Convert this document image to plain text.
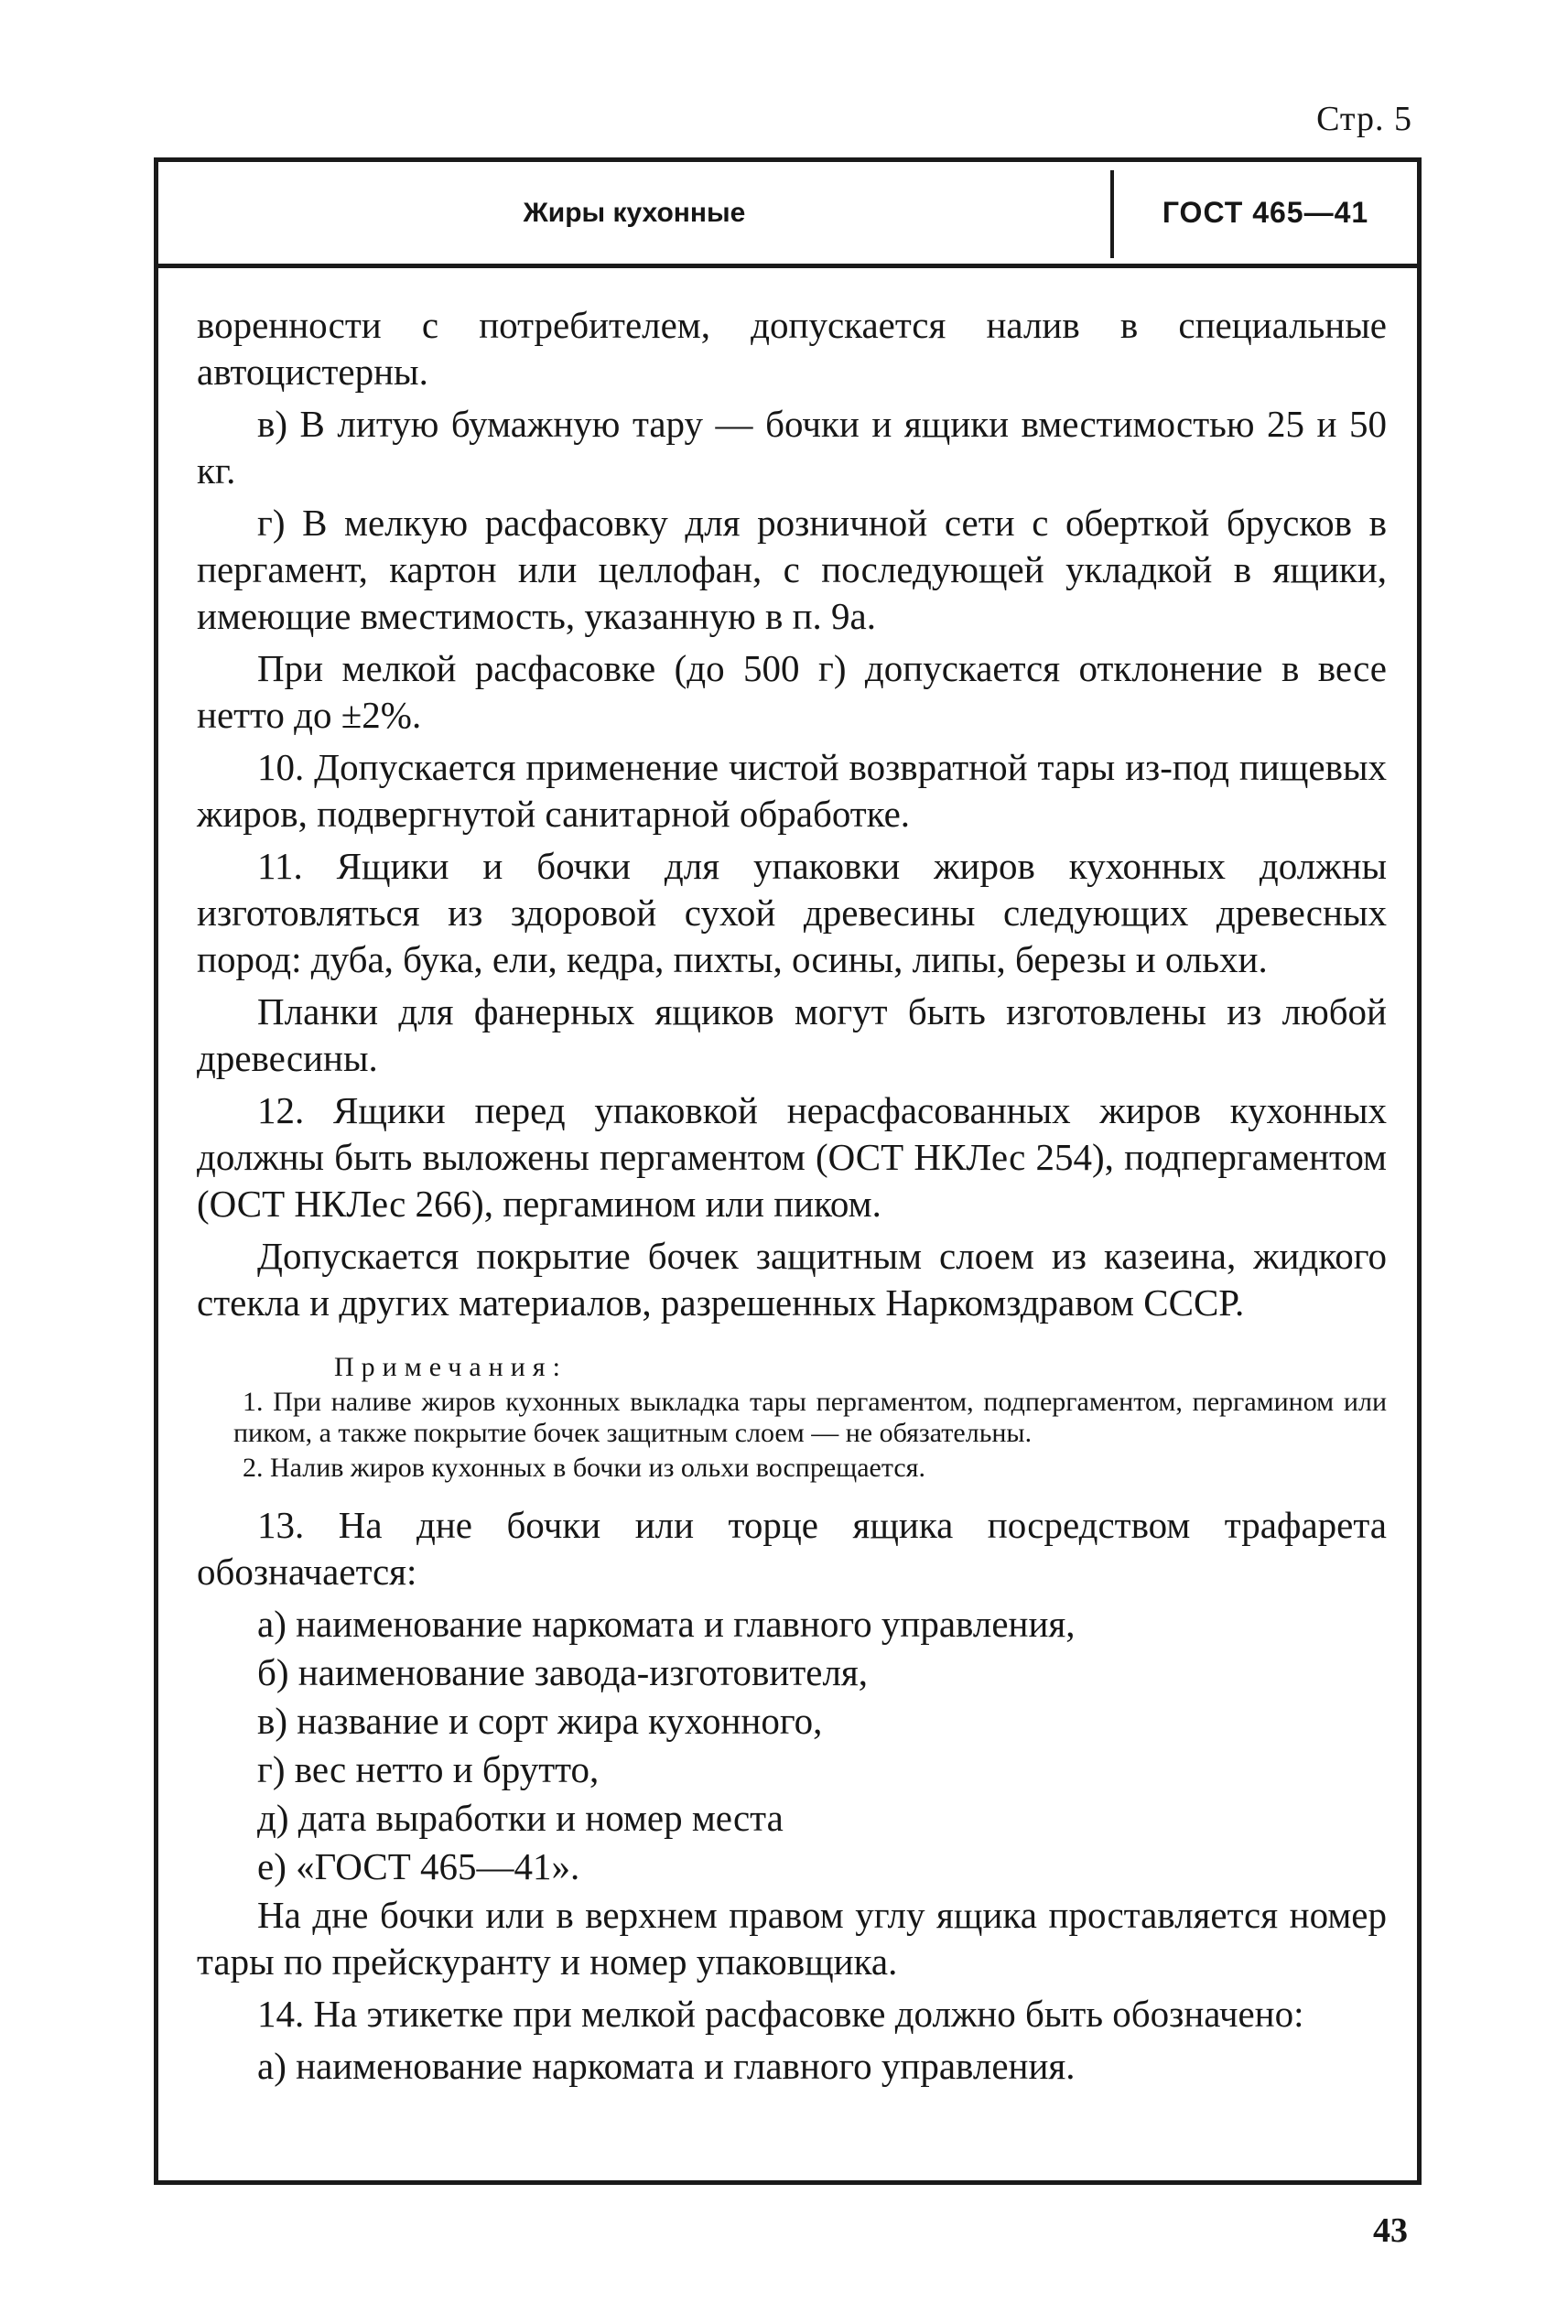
Стр. 5
Жиры кухонные	ГОСТ 465—41

воренности с потребителем, допускается налив в специальные автоцистерны.

в) В литую бумажную тару — бочки и ящики вместимостью 25 и 50 кг.

г) В мелкую расфасовку для розничной сети с оберткой брусков в пергамент, картон или целлофан, с последующей укладкой в ящики, имеющие вместимость, указанную в п. 9а.

При мелкой расфасовке (до 500 г) допускается отклонение в весе нетто до ±2%.

10. Допускается применение чистой возвратной тары из-под пищевых жиров, подвергнутой санитарной обработке.

11. Ящики и бочки для упаковки жиров кухонных должны изготовляться из здоровой сухой древесины следующих древесных пород: дуба, бука, ели, кедра, пихты, осины, липы, березы и ольхи.

Планки для фанерных ящиков могут быть изготовлены из любой древесины.

12. Ящики перед упаковкой нерасфасованных жиров кухонных должны быть выложены пергаментом (ОСТ НКЛес 254), подпергаментом (ОСТ НКЛес 266), пергамином или пиком.

Допускается покрытие бочек защитным слоем из казеина, жидкого стекла и других материалов, разрешенных Наркомздравом СССР.

Примечания:

1. При наливе жиров кухонных выкладка тары пергаментом, подпергаментом, пергамином или пиком, а также покрытие бочек защитным слоем — не обязательны.

2. Налив жиров кухонных в бочки из ольхи воспрещается.

13. На дне бочки или торце ящика посредством трафарета обозначается:

а) наименование наркомата и главного управления,

б) наименование завода-изготовителя,

в) название и сорт жира кухонного,

г) вес нетто и брутто,

д) дата выработки и номер места

е) «ГОСТ 465—41».

На дне бочки или в верхнем правом углу ящика проставляется номер тары по прейскуранту и номер упаковщика.

14. На этикетке при мелкой расфасовке должно быть обозначено:

а) наименование наркомата и главного управления.

43
